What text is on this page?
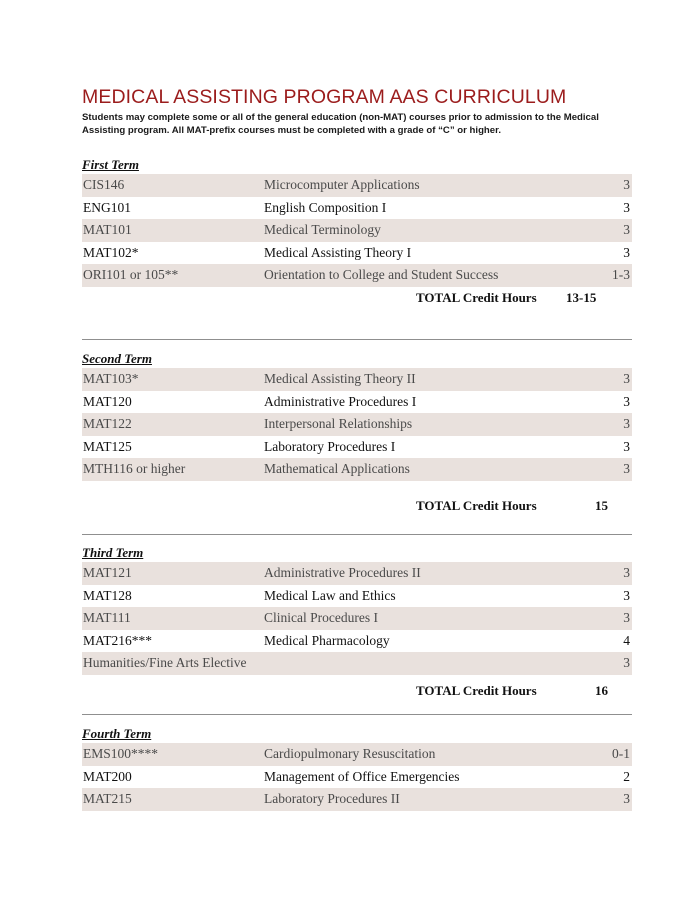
MEDICAL ASSISTING PROGRAM AAS CURRICULUM
Students may complete some or all of the general education (non-MAT) courses prior to admission to the Medical Assisting program. All MAT-prefix courses must be completed with a grade of “C” or higher.
First Term
CIS146	Microcomputer Applications	3
ENG101	English Composition I	3
MAT101	Medical Terminology	3
MAT102*	Medical Assisting Theory I	3
ORI101 or 105**	Orientation to College and Student Success	1-3
TOTAL Credit Hours 13-15
Second Term
MAT103*	Medical Assisting Theory II	3
MAT120	Administrative Procedures I	3
MAT122	Interpersonal Relationships	3
MAT125	Laboratory Procedures I	3
MTH116 or higher	Mathematical Applications	3
TOTAL Credit Hours	15
Third Term
MAT121	Administrative Procedures II	3
MAT128	Medical Law and Ethics	3
MAT111	Clinical Procedures I	3
MAT216***	Medical Pharmacology	4
Humanities/Fine Arts Elective	3
TOTAL Credit Hours	16
Fourth Term
EMS100****	Cardiopulmonary Resuscitation	0-1
MAT200	Management of Office Emergencies	2
MAT215	Laboratory Procedures II	3
